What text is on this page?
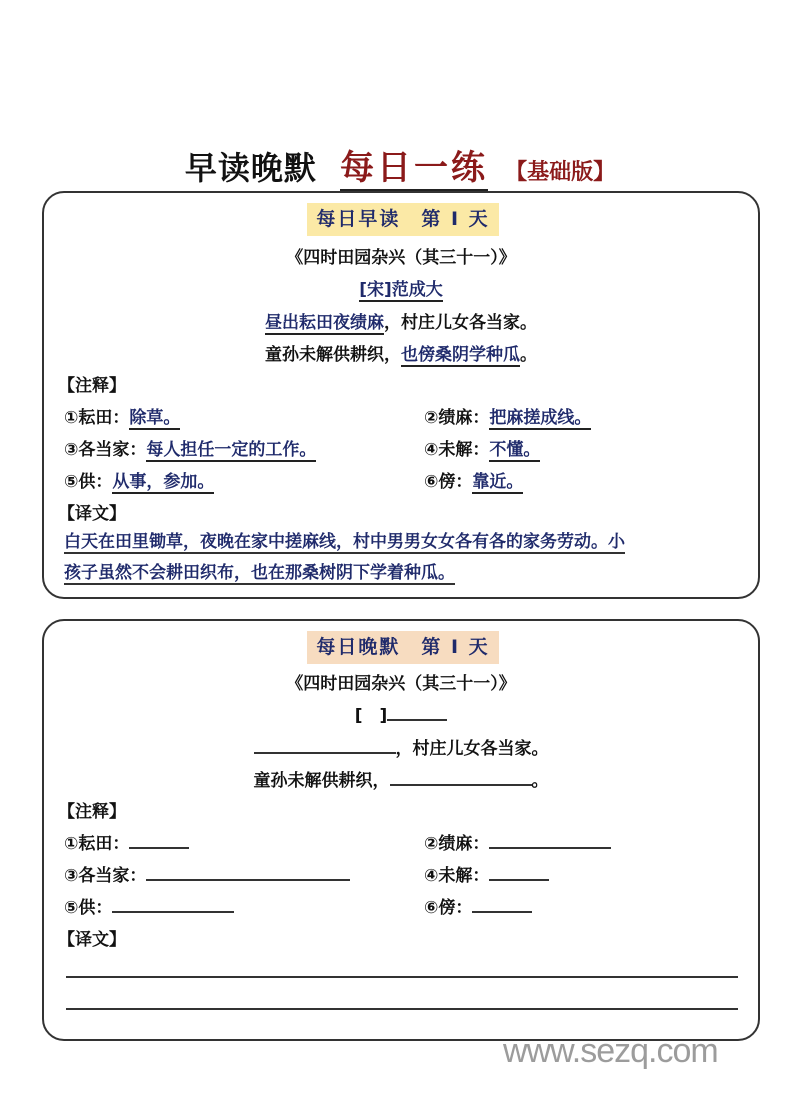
早读晚默 每日一练 【基础版】
每日早读　第 I 天
《四时田园杂兴（其三十一）》
[宋]范成大
昼出耘田夜绩麻，村庄儿女各当家。
童孙未解供耕织，也傍桑阴学种瓜。
【注释】
①耘田：除草。	②绩麻：把麻搓成线。
③各当家：每人担任一定的工作。	④未解：不懂。
⑤供：从事，参加。	⑥傍：靠近。
【译文】
白天在田里锄草，夜晚在家中搓麻线，村中男男女女各有各的家务劳动。小
孩子虽然不会耕田织布，也在那桑树阴下学着种瓜。
每日晚默　第 I 天
《四时田园杂兴（其三十一）》
[　]
，村庄儿女各当家。
童孙未解供耕织，	。
【注释】
①耘田：	②绩麻：
③各当家：	④未解：
⑤供：	⑥傍：
【译文】
www.sezq.com
